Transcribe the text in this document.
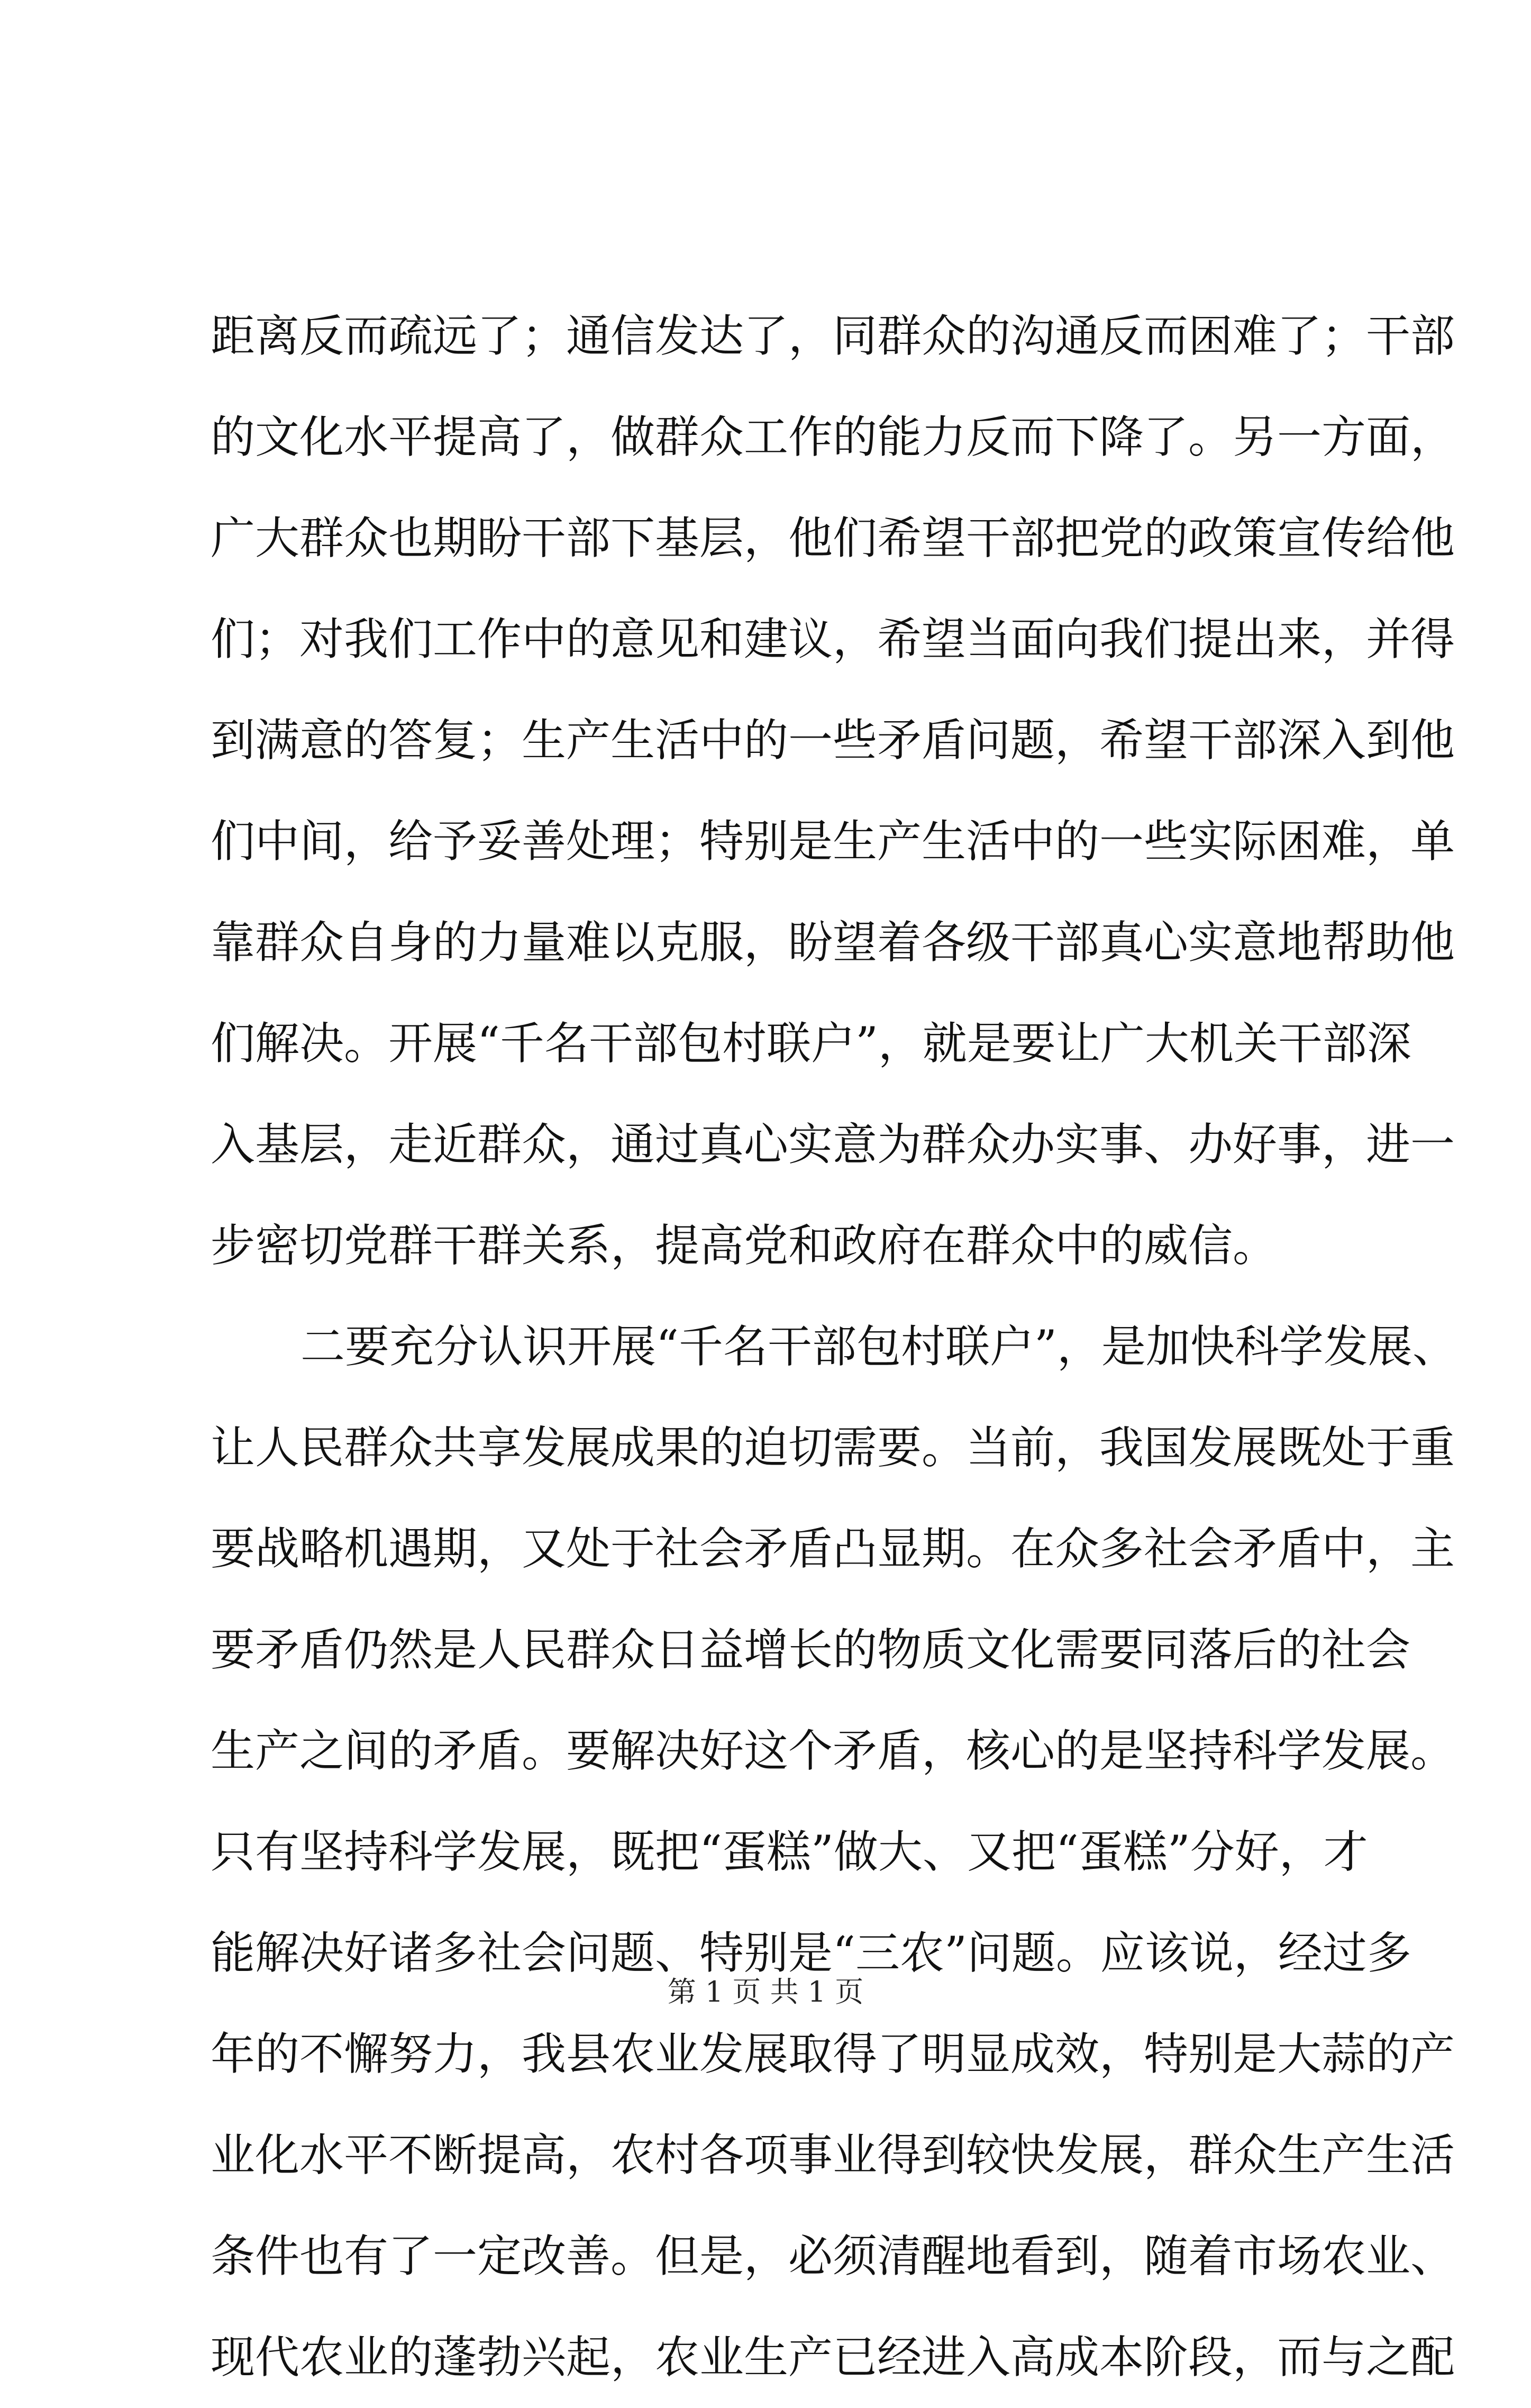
距离反而疏远了；通信发达了，同群众的沟通反而困难了；干部
的文化水平提高了，做群众工作的能力反而下降了。另一方面，
广大群众也期盼干部下基层，他们希望干部把党的政策宣传给他
们；对我们工作中的意见和建议，希望当面向我们提出来，并得
到满意的答复；生产生活中的一些矛盾问题，希望干部深入到他
们中间，给予妥善处理；特别是生产生活中的一些实际困难，单
靠群众自身的力量难以克服，盼望着各级干部真心实意地帮助他
们解决。开展“千名干部包村联户”，就是要让广大机关干部深
入基层，走近群众，通过真心实意为群众办实事、办好事，进一
步密切党群干群关系，提高党和政府在群众中的威信。
二要充分认识开展“千名干部包村联户”，是加快科学发展、
让人民群众共享发展成果的迫切需要。当前，我国发展既处于重
要战略机遇期，又处于社会矛盾凸显期。在众多社会矛盾中，主
要矛盾仍然是人民群众日益增长的物质文化需要同落后的社会
生产之间的矛盾。要解决好这个矛盾，核心的是坚持科学发展。
只有坚持科学发展，既把“蛋糕”做大、又把“蛋糕”分好，才
能解决好诸多社会问题、特别是“三农”问题。应该说，经过多
年的不懈努力，我县农业发展取得了明显成效，特别是大蒜的产
业化水平不断提高，农村各项事业得到较快发展，群众生产生活
条件也有了一定改善。但是，必须清醒地看到，随着市场农业、
现代农业的蓬勃兴起，农业生产已经进入高成本阶段，而与之配
第 1 页 共 1 页
